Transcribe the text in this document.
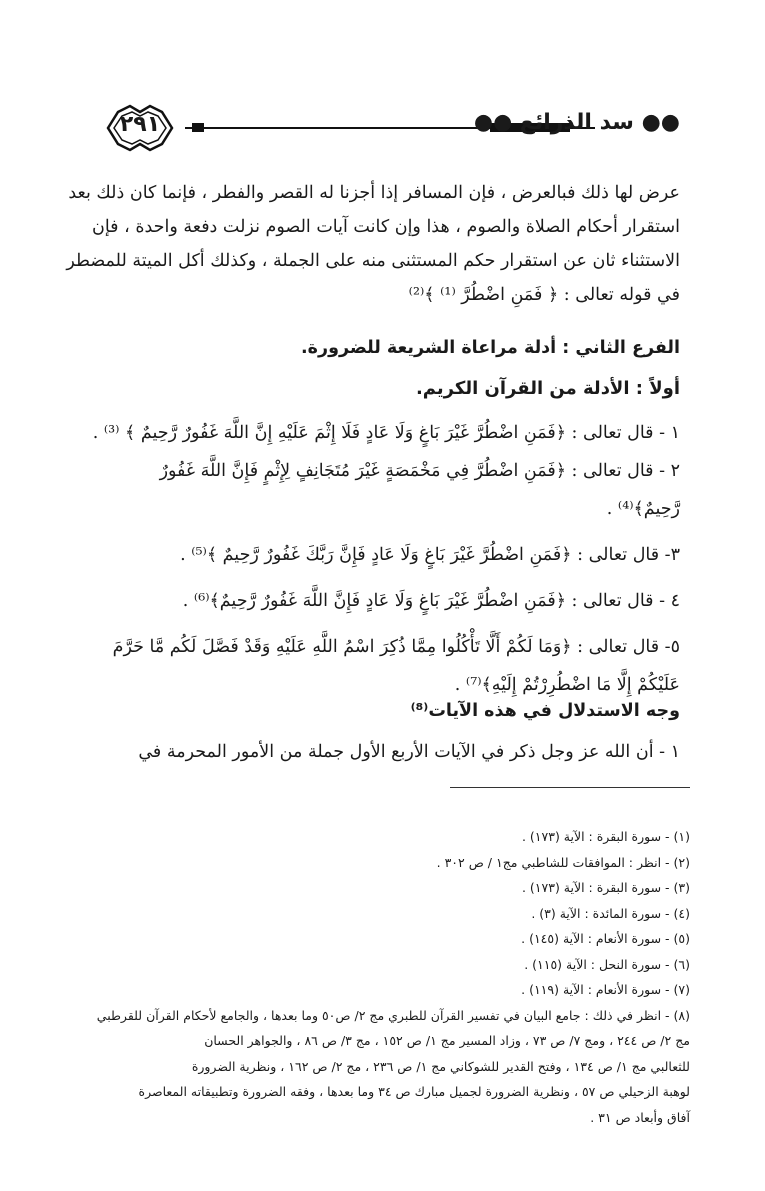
٢٩١	●● سد الذرائع ●●
عرض لها ذلك فبالعرض ، فإن المسافر إذا أجزنا له القصر والفطر ، فإنما كان ذلك بعد
استقرار أحكام الصلاة والصوم ، هذا وإن كانت آيات الصوم نزلت دفعة واحدة ، فإن
الاستثناء ثان عن استقرار حكم المستثنى منه على الجملة ، وكذلك أكل الميتة للمضطر
في قوله تعالى : ﴿ فَمَنِ اضْطُرَّ ⁽¹⁾ ﴾⁽²⁾
الفرع الثاني : أدلة مراعاة الشريعة للضرورة.
أولاً : الأدلة من القرآن الكريم.
١ - قال تعالى : ﴿فَمَنِ اضْطُرَّ غَيْرَ بَاغٍ وَلَا عَادٍ فَلَا إِثْمَ عَلَيْهِ إِنَّ اللَّهَ غَفُورٌ رَّحِيمٌ ﴾ ⁽³⁾ .
٢ - قال تعالى : ﴿فَمَنِ اضْطُرَّ فِي مَخْمَصَةٍ غَيْرَ مُتَجَانِفٍ لِإِثْمٍ فَإِنَّ اللَّهَ غَفُورٌ
رَّحِيمٌ﴾⁽⁴⁾ .
٣- قال تعالى : ﴿فَمَنِ اضْطُرَّ غَيْرَ بَاغٍ وَلَا عَادٍ فَإِنَّ رَبَّكَ غَفُورٌ رَّحِيمٌ ﴾⁽⁵⁾ .
٤ - قال تعالى : ﴿فَمَنِ اضْطُرَّ غَيْرَ بَاغٍ وَلَا عَادٍ فَإِنَّ اللَّهَ غَفُورٌ رَّحِيمٌ﴾⁽⁶⁾ .
٥- قال تعالى : ﴿وَمَا لَكُمْ أَلَّا تَأْكُلُوا مِمَّا ذُكِرَ اسْمُ اللَّهِ عَلَيْهِ وَقَدْ فَصَّلَ لَكُم مَّا حَرَّمَ
عَلَيْكُمْ إِلَّا مَا اضْطُرِرْتُمْ إِلَيْهِ﴾⁽⁷⁾ .
وجه الاستدلال في هذه الآيات⁽⁸⁾
١ - أن الله عز وجل ذكر في الآيات الأربع الأول جملة من الأمور المحرمة في
(١) - سورة البقرة : الآية (١٧٣) .
(٢) - انظر : الموافقات للشاطبي مج١ / ص ٣٠٢ .
(٣) - سورة البقرة : الآية (١٧٣) .
(٤) - سورة المائدة : الآية (٣) .
(٥) - سورة الأنعام : الآية (١٤٥) .
(٦) - سورة النحل : الآية (١١٥) .
(٧) - سورة الأنعام : الآية (١١٩) .
(٨) - انظر في ذلك : جامع البيان في تفسير القرآن للطبري مج ٢/ ص٥٠ وما بعدها ، والجامع لأحكام القرآن للقرطبي
مج ٢/ ص ٢٤٤ ، ومج ٧/ ص ٧٣ ، وزاد المسير مج ١/ ص ١٥٢ ، مج ٣/ ص ٨٦ ، والجواهر الحسان
للثعالبي مج ١/ ص ١٣٤ ، وفتح القدير للشوكاني مج ١/ ص ٢٣٦ ، مج ٢/ ص ١٦٢ ، ونظرية الضرورة
لوهبة الزحيلي ص ٥٧ ، ونظرية الضرورة لجميل مبارك ص ٣٤ وما بعدها ، وفقه الضرورة وتطبيقاته المعاصرة
آفاق وأبعاد ص ٣١ .
